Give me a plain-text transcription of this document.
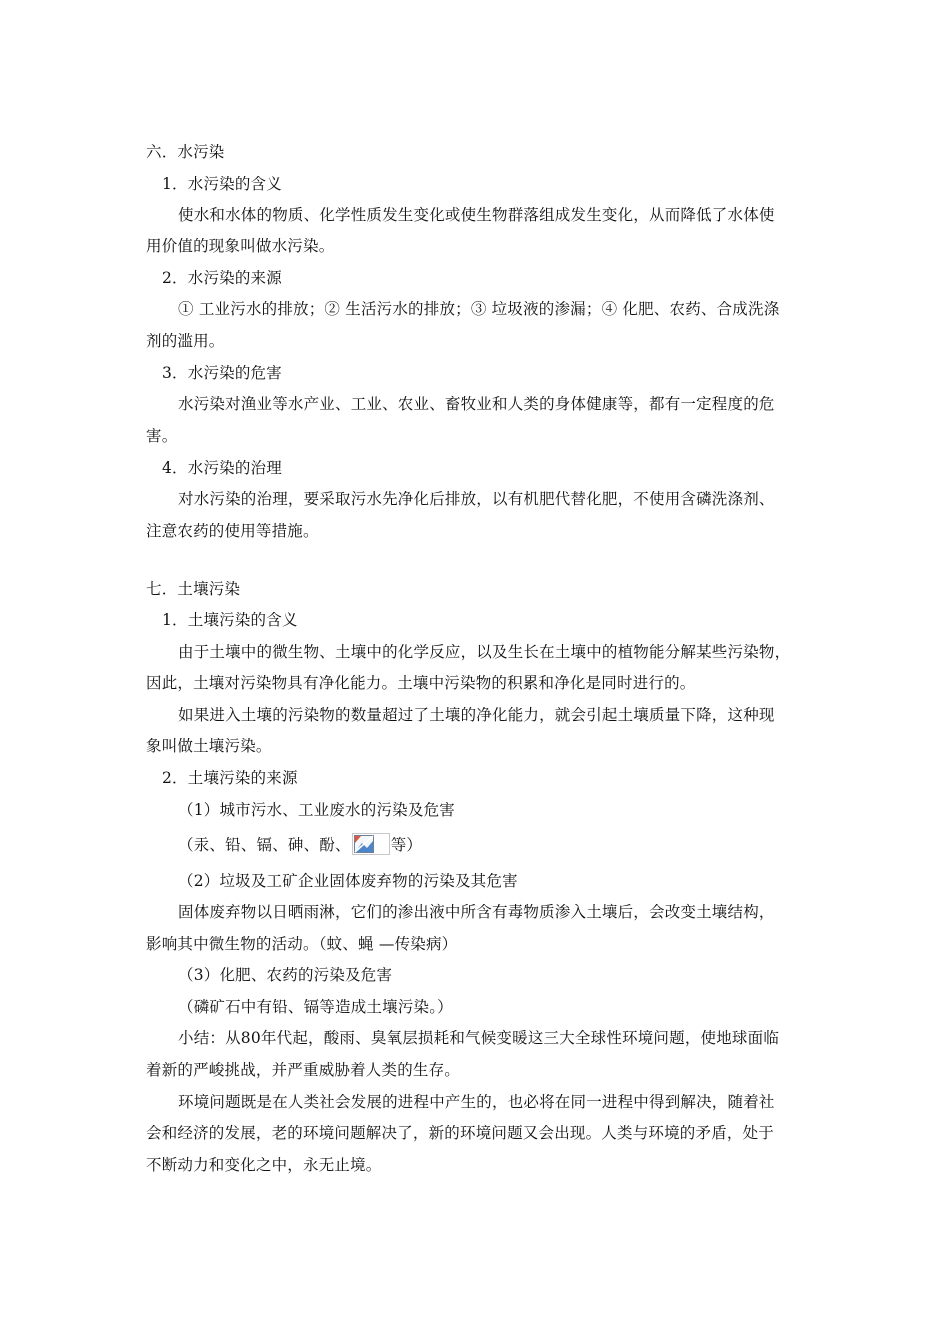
六．水污染
1．水污染的含义
使水和水体的物质、化学性质发生变化或使生物群落组成发生变化，从而降低了水体使
用价值的现象叫做水污染。
2．水污染的来源
① 工业污水的排放；② 生活污水的排放；③ 垃圾液的渗漏；④ 化肥、农药、合成洗涤
剂的滥用。
3．水污染的危害
水污染对渔业等水产业、工业、农业、畜牧业和人类的身体健康等，都有一定程度的危
害。
4．水污染的治理
对水污染的治理，要采取污水先净化后排放，以有机肥代替化肥，不使用含磷洗涤剂、
注意农药的使用等措施。
七．土壤污染
1．土壤污染的含义
由于土壤中的微生物、土壤中的化学反应，以及生长在土壤中的植物能分解某些污染物，
因此，土壤对污染物具有净化能力。土壤中污染物的积累和净化是同时进行的。
如果进入土壤的污染物的数量超过了土壤的净化能力，就会引起土壤质量下降，这种现
象叫做土壤污染。
2．土壤污染的来源
（1）城市污水、工业废水的污染及危害
（汞、铅、镉、砷、酚、	等）
（2）垃圾及工矿企业固体废弃物的污染及其危害
固体废弃物以日晒雨淋，它们的渗出液中所含有毒物质渗入土壤后，会改变土壤结构，
影响其中微生物的活动。（蚊、蝇 —传染病）
（3）化肥、农药的污染及危害
（磷矿石中有铅、镉等造成土壤污染。）
小结：从80年代起，酸雨、臭氧层损耗和气候变暖这三大全球性环境问题，使地球面临
着新的严峻挑战，并严重威胁着人类的生存。
环境问题既是在人类社会发展的进程中产生的，也必将在同一进程中得到解决，随着社
会和经济的发展，老的环境问题解决了，新的环境问题又会出现。人类与环境的矛盾，处于
不断动力和变化之中，永无止境。
